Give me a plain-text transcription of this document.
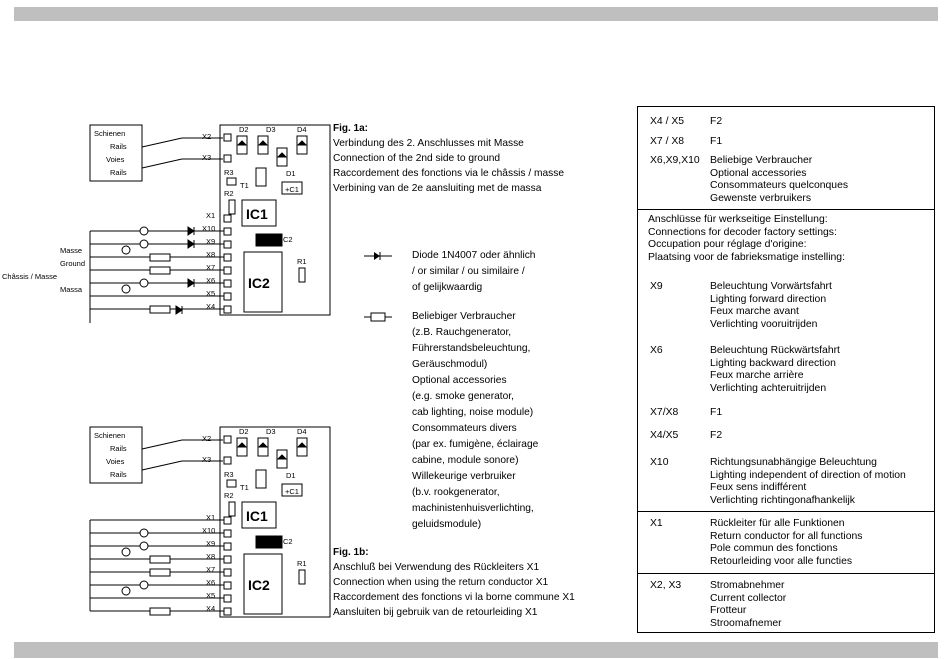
Schienen
Rails
Voies
Rails
X2
X3
X1
X10
X9
X8
X7
X6
X5
X4
D2 D3	D4
D1
R3
R2
T1	+C1
C2
R1
IC1
IC2
Masse
Ground
Châssis / Masse
Massa
Schienen
Rails
Voies
Rails
X2
X3
X1
X10
X9
X8
X7
X6
X5
X4
D2 D3	D4
D1
R3
R2
T1	+C1
C2
R1
IC1
IC2
Fig. 1a:
Verbindung des 2. Anschlusses mit Masse
Connection of the 2nd side to ground
Raccordement des fonctions via le châssis / masse
Verbining van de 2e aansluiting met de massa
Diode 1N4007 oder ähnlich
/ or similar / ou similaire /
of gelijkwaardig
Beliebiger Verbraucher
(z.B. Rauchgenerator,
Führerstandsbeleuchtung,
Geräuschmodul)
Optional accessories
(e.g. smoke generator,
cab lighting, noise module)
Consommateurs divers
(par ex. fumigène, éclairage
cabine, module sonore)
Willekeurige verbruiker
(b.v. rookgenerator,
machinistenhuisverlichting,
geluidsmodule)
Fig. 1b:
Anschluß bei Verwendung des Rückleiters X1
Connection when using the return conductor X1
Raccordement des fonctions vi la borne commune X1
Aansluiten bij gebruik van de retourleiding X1
X4 / X5 F2
X7 / X8 F1
X6,X9,X10 Beliebige Verbraucher
Optional accessories
Consommateurs quelconques
Gewenste verbruikers
Anschlüsse für werkseitige Einstellung:
Connections for decoder factory settings:
Occupation pour réglage d'origine:
Plaatsing voor de fabrieksmatige instelling:
X9	Beleuchtung Vorwärtsfahrt
Lighting forward direction
Feux marche avant
Verlichting vooruitrijden
X6	Beleuchtung Rückwärtsfahrt
Lighting backward direction
Feux marche arrière
Verlichting achteruitrijden
X7/X8	F1
X4/X5	F2
X10	Richtungsunabhängige Beleuchtung
Lighting independent of direction of motion
Feux sens indifférent
Verlichting richtingonafhankelijk
X1	Rückleiter für alle Funktionen
Return conductor for all functions
Pole commun des fonctions
Retourleiding voor alle functies
X2, X3	Stromabnehmer
Current collector
Frotteur
Stroomafnemer
